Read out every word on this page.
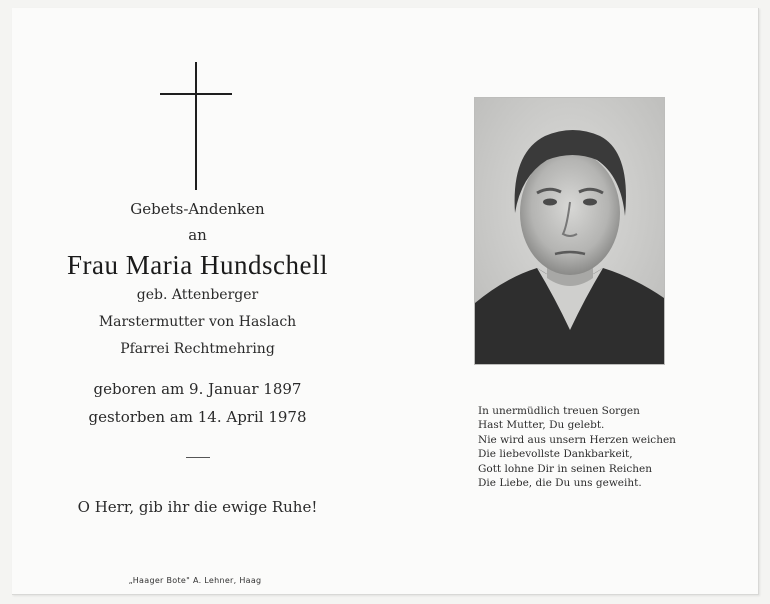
Gebets-Andenken
an
Frau Maria Hundschell
geb. Attenberger
Marstermutter von Haslach
Pfarrei Rechtmehring
geboren am 9. Januar 1897
gestorben am 14. April 1978
O Herr, gib ihr die ewige Ruhe!
„Haager Bote" A. Lehner, Haag
In unermüdlich treuen Sorgen
Hast Mutter, Du gelebt.
Nie wird aus unsern Herzen weichen
Die liebevollste Dankbarkeit,
Gott lohne Dir in seinen Reichen
Die Liebe, die Du uns geweiht.
